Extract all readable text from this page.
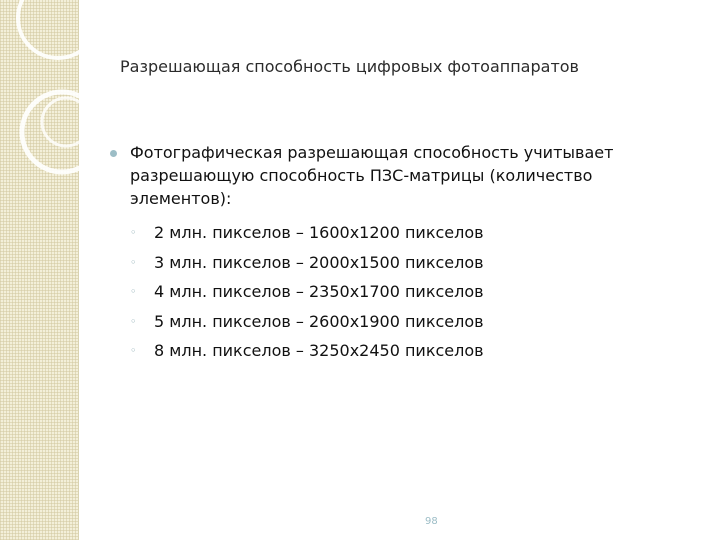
Разрешающая способность цифровых фотоаппаратов
Фотографическая разрешающая способность учитывает разрешающую способность ПЗС-матрицы (количество элементов):
◦ 2 млн. пикселов – 1600х1200 пикселов
◦ 3 млн. пикселов – 2000х1500 пикселов
◦ 4 млн. пикселов – 2350х1700 пикселов
◦ 5 млн. пикселов – 2600х1900 пикселов
◦ 8 млн. пикселов – 3250х2450 пикселов
98
